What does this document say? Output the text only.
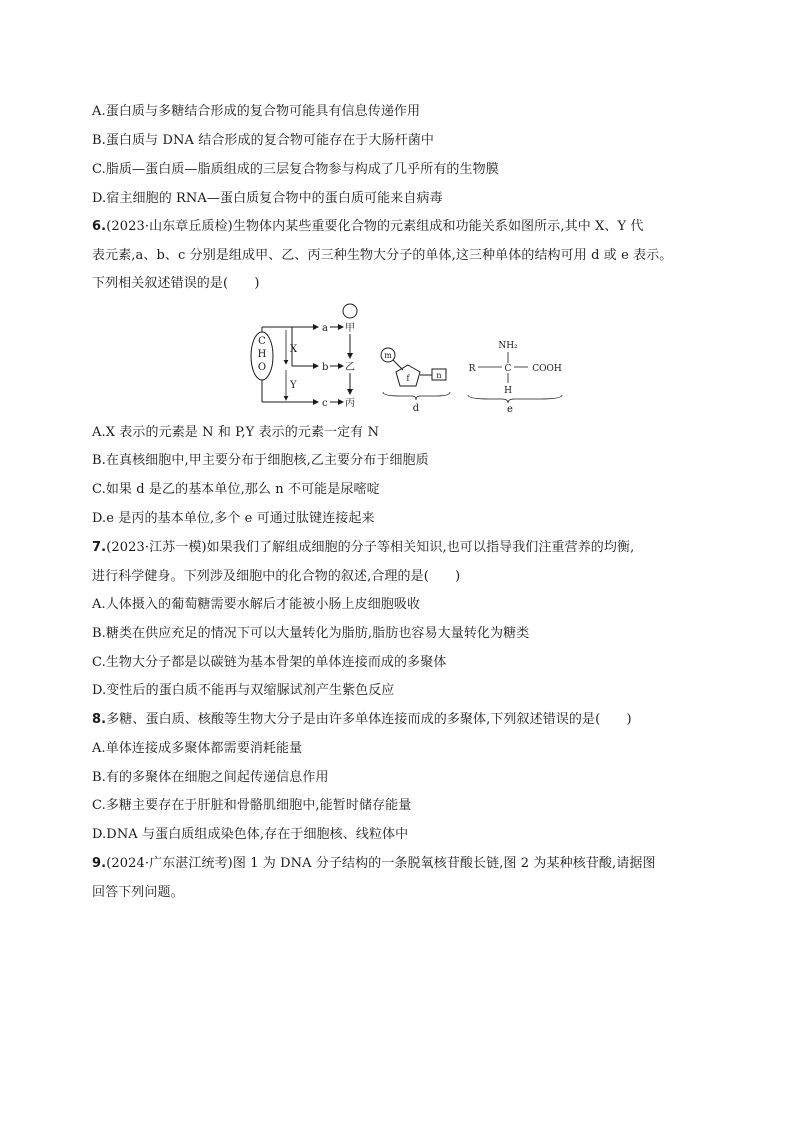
A.蛋白质与多糖结合形成的复合物可能具有信息传递作用
B.蛋白质与 DNA 结合形成的复合物可能存在于大肠杆菌中
C.脂质—蛋白质—脂质组成的三层复合物参与构成了几乎所有的生物膜
D.宿主细胞的 RNA—蛋白质复合物中的蛋白质可能来自病毒
6.(2023·山东章丘质检)生物体内某些重要化合物的元素组成和功能关系如图所示,其中 X、Y 代
表元素,a、b、c 分别是组成甲、乙、丙三种生物大分子的单体,这三种单体的结构可用 d 或 e 表示。
下列相关叙述错误的是(　　)
C
H
O
X
Y
a
b
c
甲
乙
丙
m
f	n
d
NH₂
R	C COOH
H
e
A.X 表示的元素是 N 和 P,Y 表示的元素一定有 N
B.在真核细胞中,甲主要分布于细胞核,乙主要分布于细胞质
C.如果 d 是乙的基本单位,那么 n 不可能是尿嘧啶
D.e 是丙的基本单位,多个 e 可通过肽键连接起来
7.(2023·江苏一模)如果我们了解组成细胞的分子等相关知识,也可以指导我们注重营养的均衡,
进行科学健身。下列涉及细胞中的化合物的叙述,合理的是(　　)
A.人体摄入的葡萄糖需要水解后才能被小肠上皮细胞吸收
B.糖类在供应充足的情况下可以大量转化为脂肪,脂肪也容易大量转化为糖类
C.生物大分子都是以碳链为基本骨架的单体连接而成的多聚体
D.变性后的蛋白质不能再与双缩脲试剂产生紫色反应
8.多糖、蛋白质、核酸等生物大分子是由许多单体连接而成的多聚体,下列叙述错误的是(　　)
A.单体连接成多聚体都需要消耗能量
B.有的多聚体在细胞之间起传递信息作用
C.多糖主要存在于肝脏和骨骼肌细胞中,能暂时储存能量
D.DNA 与蛋白质组成染色体,存在于细胞核、线粒体中
9.(2024·广东湛江统考)图 1 为 DNA 分子结构的一条脱氧核苷酸长链,图 2 为某种核苷酸,请据图
回答下列问题。
